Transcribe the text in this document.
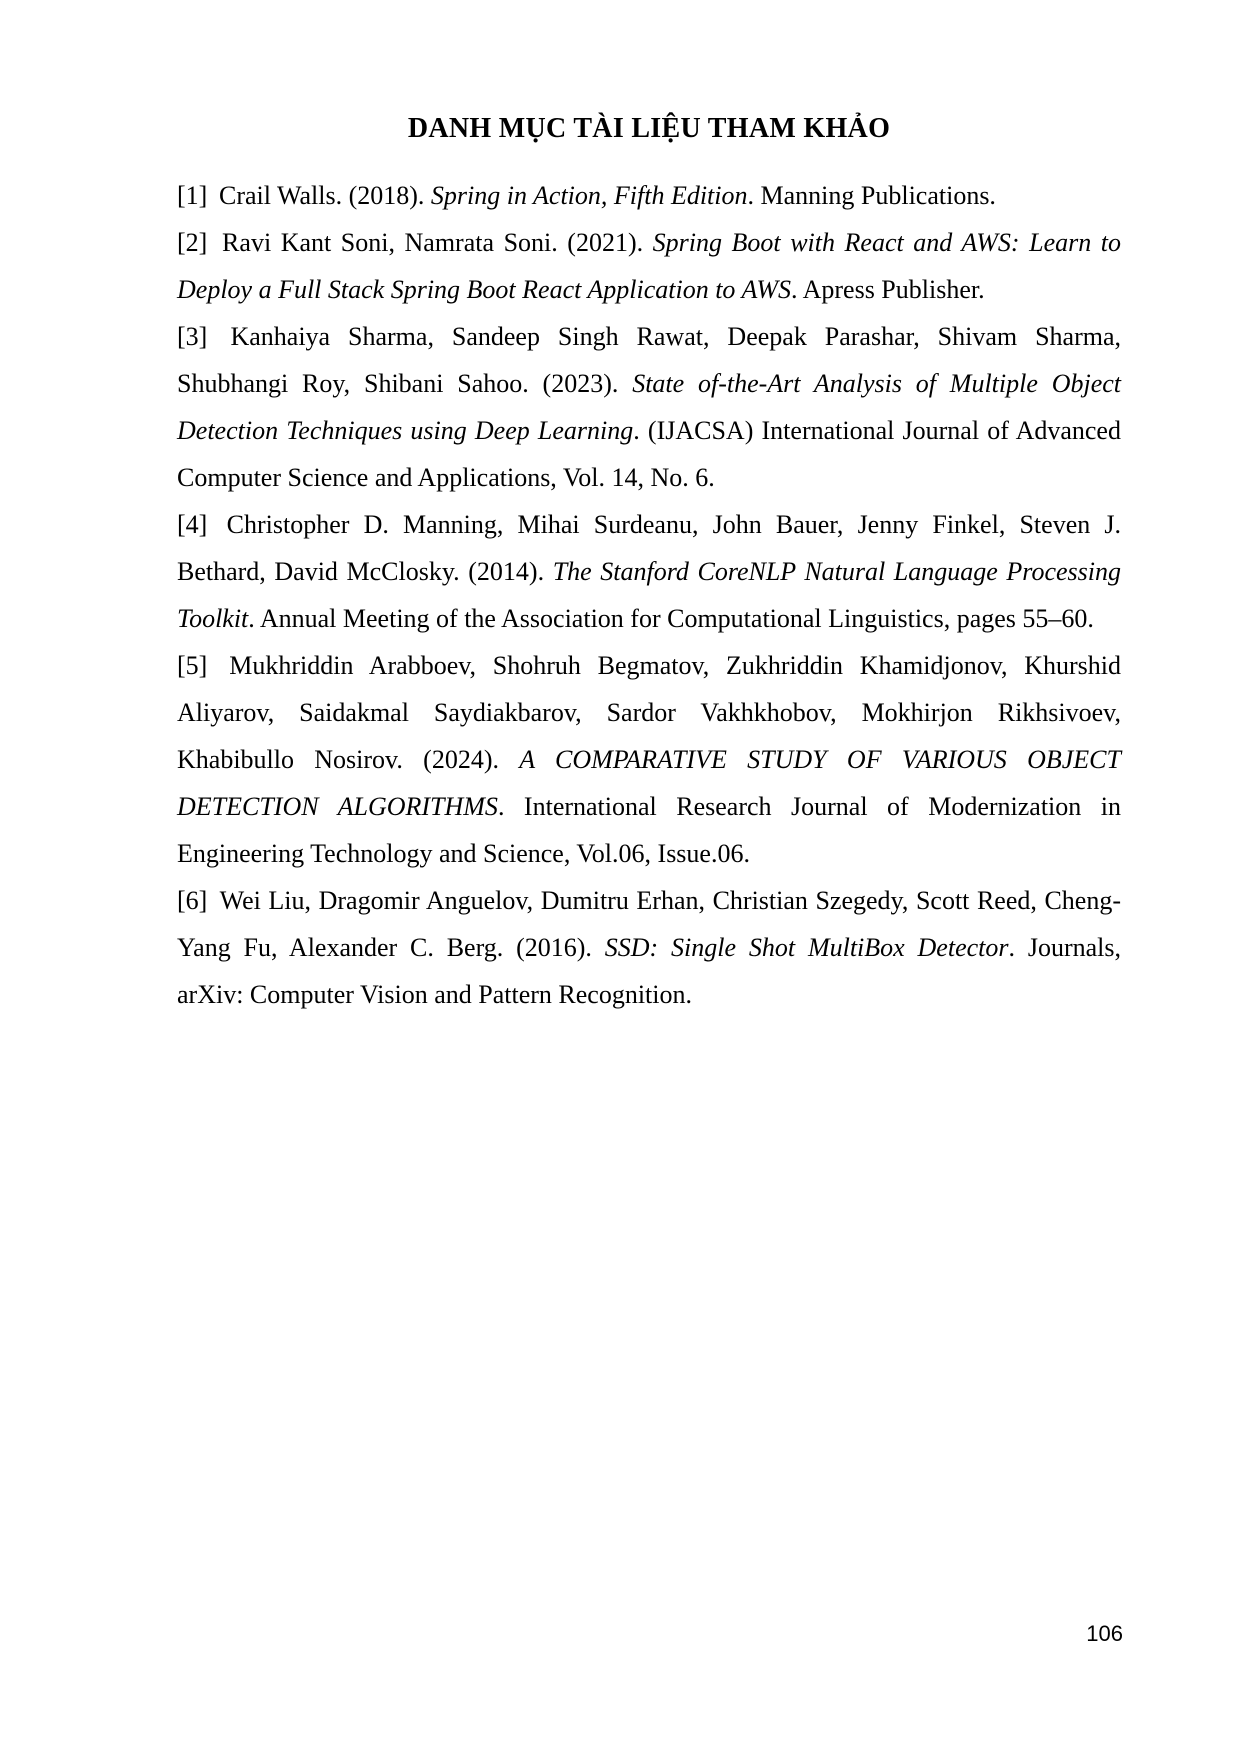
DANH MỤC TÀI LIỆU THAM KHẢO

[1] Crail Walls. (2018). Spring in Action, Fifth Edition. Manning Publications.

[2] Ravi Kant Soni, Namrata Soni. (2021). Spring Boot with React and AWS: Learn to Deploy a Full Stack Spring Boot React Application to AWS. Apress Publisher.

[3] Kanhaiya Sharma, Sandeep Singh Rawat, Deepak Parashar, Shivam Sharma, Shubhangi Roy, Shibani Sahoo. (2023). State of-the-Art Analysis of Multiple Object Detection Techniques using Deep Learning. (IJACSA) International Journal of Advanced Computer Science and Applications, Vol. 14, No. 6.

[4] Christopher D. Manning, Mihai Surdeanu, John Bauer, Jenny Finkel, Steven J. Bethard, David McClosky. (2014). The Stanford CoreNLP Natural Language Processing Toolkit. Annual Meeting of the Association for Computational Linguistics, pages 55–60.

[5] Mukhriddin Arabboev, Shohruh Begmatov, Zukhriddin Khamidjonov, Khurshid Aliyarov, Saidakmal Saydiakbarov, Sardor Vakhkhobov, Mokhirjon Rikhsivoev, Khabibullo Nosirov. (2024). A COMPARATIVE STUDY OF VARIOUS OBJECT DETECTION ALGORITHMS. International Research Journal of Modernization in Engineering Technology and Science, Vol.06, Issue.06.

[6] Wei Liu, Dragomir Anguelov, Dumitru Erhan, Christian Szegedy, Scott Reed, Cheng-Yang Fu, Alexander C. Berg. (2016). SSD: Single Shot MultiBox Detector. Journals, arXiv: Computer Vision and Pattern Recognition.

106
